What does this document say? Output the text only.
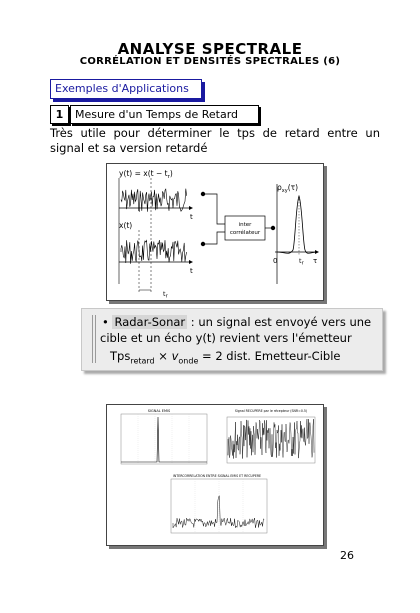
ANALYSE SPECTRALE
CORRÉLATION ET DENSITÉS SPECTRALES (6)
Exemples d'Applications
1	Mesure d'un Temps de Retard
Très utile pour déterminer le tps de retard entre un signal et sa version retardé
$y(t) = x(t - t_r)$
x(t)
t
t
$t_r$
inter
corrélateur
$\rho_{xy}(\tau)$
0	$t_r$ τ
• Radar-Sonar : un signal est envoyé vers une
cible et un écho y(t) revient vers l'émetteur
$Tps_{retard} \times v_{onde} = 2$ dist. Emetteur-Cible
SIGNAL EMIS	Signal RECUPERE par le récepteur (SNR=0.5)
INTERCORRELATION ENTRE SIGNAL EMIS ET RECUPERE
26
